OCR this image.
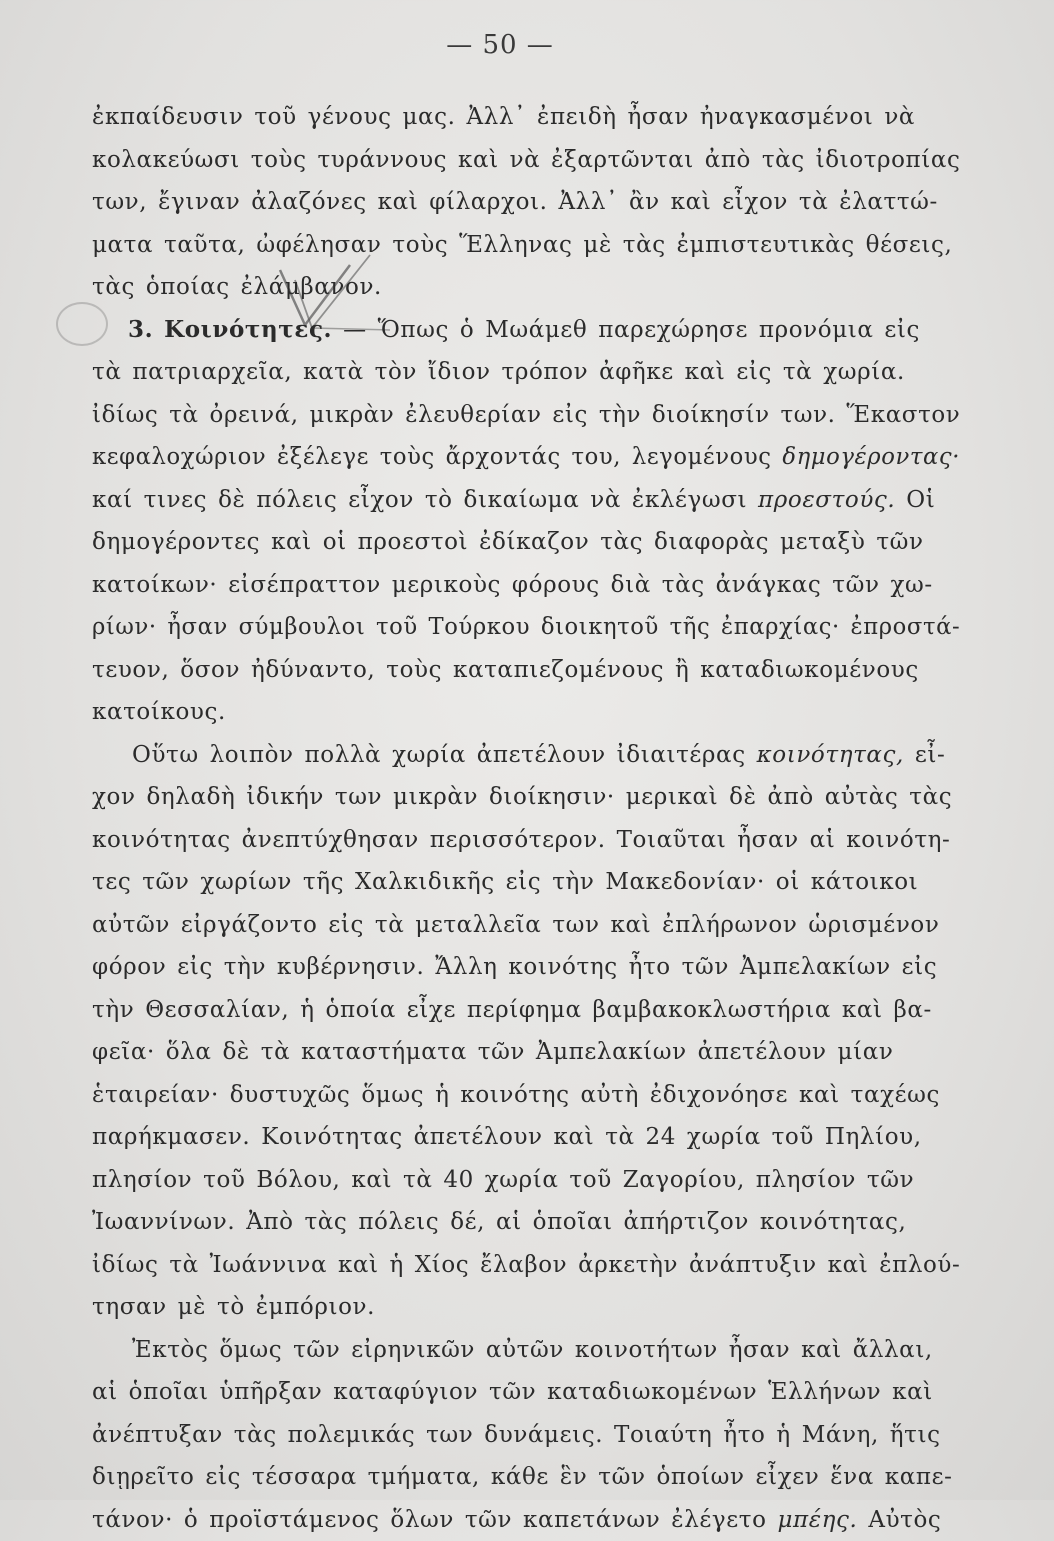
— 50 —
ἐκπαίδευσιν τοῦ γένους μας. Ἀλλ᾽ ἐπειδὴ ἦσαν ἠναγκασμένοι νὰ
κολακεύωσι τοὺς τυράννους καὶ νὰ ἐξαρτῶνται ἀπὸ τὰς ἰδιοτροπίας
των, ἔγιναν ἀλαζόνες καὶ φίλαρχοι. Ἀλλ᾽ ἂν καὶ εἶχον τὰ ἐλαττώ-
ματα ταῦτα, ὠφέλησαν τοὺς Ἕλληνας μὲ τὰς ἐμπιστευτικὰς θέσεις,
τὰς ὁποίας ἐλάμβανον.
3. Κοινότητες. — Ὅπως ὁ Μωάμεθ παρεχώρησε προνόμια εἰς
τὰ πατριαρχεῖα, κατὰ τὸν ἴδιον τρόπον ἀφῆκε καὶ εἰς τὰ χωρία.
ἰδίως τὰ ὀρεινά, μικρὰν ἐλευθερίαν εἰς τὴν διοίκησίν των. Ἕκαστον
κεφαλοχώριον ἐξέλεγε τοὺς ἄρχοντάς του, λεγομένους δημογέροντας·
καί τινες δὲ πόλεις εἶχον τὸ δικαίωμα νὰ ἐκλέγωσι προεστούς. Οἱ
δημογέροντες καὶ οἱ προεστοὶ ἐδίκαζον τὰς διαφορὰς μεταξὺ τῶν
κατοίκων· εἰσέπραττον μερικοὺς φόρους διὰ τὰς ἀνάγκας τῶν χω-
ρίων· ἦσαν σύμβουλοι τοῦ Τούρκου διοικητοῦ τῆς ἐπαρχίας· ἐπροστά-
τευον, ὅσον ἠδύναντο, τοὺς καταπιεζομένους ἢ καταδιωκομένους
κατοίκους.
Οὕτω λοιπὸν πολλὰ χωρία ἀπετέλουν ἰδιαιτέρας κοινότητας, εἶ-
χον δηλαδὴ ἰδικήν των μικρὰν διοίκησιν· μερικαὶ δὲ ἀπὸ αὐτὰς τὰς
κοινότητας ἀνεπτύχθησαν περισσότερον. Τοιαῦται ἦσαν αἱ κοινότη-
τες τῶν χωρίων τῆς Χαλκιδικῆς εἰς τὴν Μακεδονίαν· οἱ κάτοικοι
αὐτῶν εἰργάζοντο εἰς τὰ μεταλλεῖα των καὶ ἐπλήρωνον ὡρισμένον
φόρον εἰς τὴν κυβέρνησιν. Ἄλλη κοινότης ἦτο τῶν Ἀμπελακίων εἰς
τὴν Θεσσαλίαν, ἡ ὁποία εἶχε περίφημα βαμβακοκλωστήρια καὶ βα-
φεῖα· ὅλα δὲ τὰ καταστήματα τῶν Ἀμπελακίων ἀπετέλουν μίαν
ἑταιρείαν· δυστυχῶς ὅμως ἡ κοινότης αὐτὴ ἐδιχονόησε καὶ ταχέως
παρήκμασεν. Κοινότητας ἀπετέλουν καὶ τὰ 24 χωρία τοῦ Πηλίου,
πλησίον τοῦ Βόλου, καὶ τὰ 40 χωρία τοῦ Ζαγορίου, πλησίον τῶν
Ἰωαννίνων. Ἀπὸ τὰς πόλεις δέ, αἱ ὁποῖαι ἀπήρτιζον κοινότητας,
ἰδίως τὰ Ἰωάννινα καὶ ἡ Χίος ἔλαβον ἀρκετὴν ἀνάπτυξιν καὶ ἐπλού-
τησαν μὲ τὸ ἐμπόριον.
Ἐκτὸς ὅμως τῶν εἰρηνικῶν αὐτῶν κοινοτήτων ἦσαν καὶ ἄλλαι,
αἱ ὁποῖαι ὑπῆρξαν καταφύγιον τῶν καταδιωκομένων Ἑλλήνων καὶ
ἀνέπτυξαν τὰς πολεμικάς των δυνάμεις. Τοιαύτη ἦτο ἡ Μάνη, ἥτις
διῃρεῖτο εἰς τέσσαρα τμήματα, κάθε ἓν τῶν ὁποίων εἶχεν ἕνα καπε-
τάνον· ὁ προϊστάμενος ὅλων τῶν καπετάνων ἐλέγετο μπέης. Αὐτὸς
